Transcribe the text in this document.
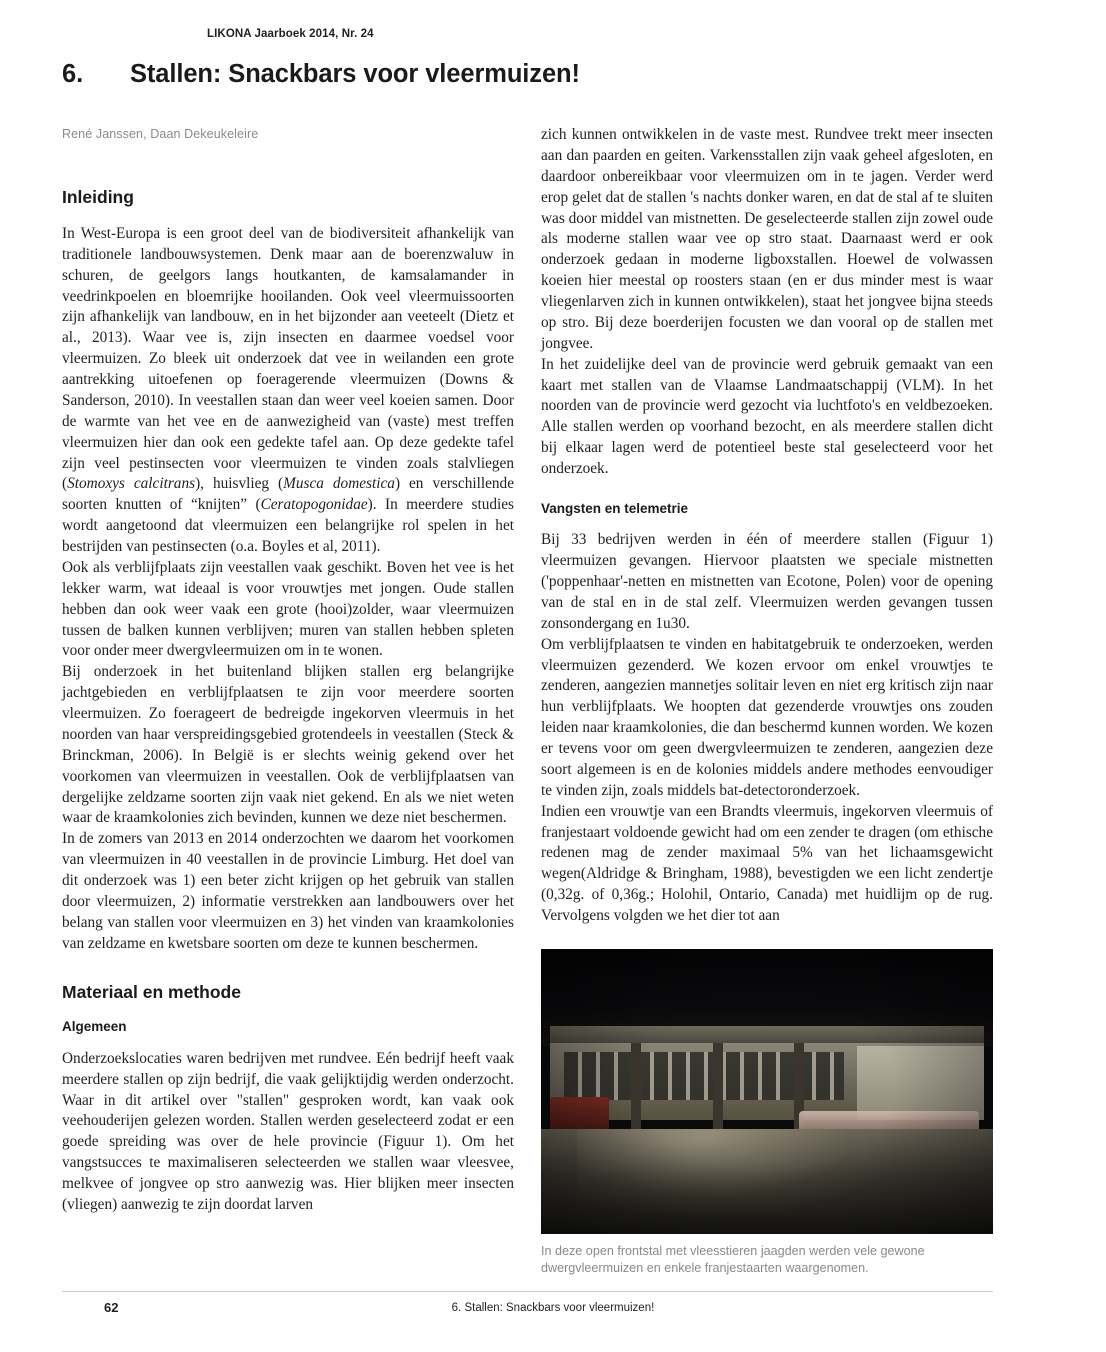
LIKONA Jaarboek 2014, Nr. 24
6. Stallen: Snackbars voor vleermuizen!
René Janssen, Daan Dekeukeleire
Inleiding

In West-Europa is een groot deel van de biodiversiteit afhankelijk van traditionele landbouwsystemen. Denk maar aan de boerenzwaluw in schuren, de geelgors langs houtkanten, de kamsalamander in veedrinkpoelen en bloemrijke hooilanden. Ook veel vleermuissoorten zijn afhankelijk van landbouw, en in het bijzonder aan veeteelt (Dietz et al., 2013). Waar vee is, zijn insecten en daarmee voedsel voor vleermuizen. Zo bleek uit onderzoek dat vee in weilanden een grote aantrekking uitoefenen op foeragerende vleermuizen (Downs & Sanderson, 2010). In veestallen staan dan weer veel koeien samen. Door de warmte van het vee en de aanwezigheid van (vaste) mest treffen vleermuizen hier dan ook een gedekte tafel aan. Op deze gedekte tafel zijn veel pestinsecten voor vleermuizen te vinden zoals stalvliegen (Stomoxys calcitrans), huisvlieg (Musca domestica) en verschillende soorten knutten of “knijten” (Ceratopogonidae). In meerdere studies wordt aangetoond dat vleermuizen een belangrijke rol spelen in het bestrijden van pestinsecten (o.a. Boyles et al, 2011).

Ook als verblijfplaats zijn veestallen vaak geschikt. Boven het vee is het lekker warm, wat ideaal is voor vrouwtjes met jongen. Oude stallen hebben dan ook weer vaak een grote (hooi)zolder, waar vleermuizen tussen de balken kunnen verblijven; muren van stallen hebben spleten voor onder meer dwergvleermuizen om in te wonen.

Bij onderzoek in het buitenland blijken stallen erg belangrijke jachtgebieden en verblijfplaatsen te zijn voor meerdere soorten vleermuizen. Zo foerageert de bedreigde ingekorven vleermuis in het noorden van haar verspreidingsgebied grotendeels in veestallen (Steck & Brinckman, 2006). In België is er slechts weinig gekend over het voorkomen van vleermuizen in veestallen. Ook de verblijfplaatsen van dergelijke zeldzame soorten zijn vaak niet gekend. En als we niet weten waar de kraamkolonies zich bevinden, kunnen we deze niet beschermen.

In de zomers van 2013 en 2014 onderzochten we daarom het voorkomen van vleermuizen in 40 veestallen in de provincie Limburg. Het doel van dit onderzoek was 1) een beter zicht krijgen op het gebruik van stallen door vleermuizen, 2) informatie verstrekken aan landbouwers over het belang van stallen voor vleermuizen en 3) het vinden van kraamkolonies van zeldzame en kwetsbare soorten om deze te kunnen beschermen.

Materiaal en methode
Algemeen

Onderzoekslocaties waren bedrijven met rundvee. Eén bedrijf heeft vaak meerdere stallen op zijn bedrijf, die vaak gelijktijdig werden onderzocht. Waar in dit artikel over "stallen" gesproken wordt, kan vaak ook veehouderijen gelezen worden. Stallen werden geselecteerd zodat er een goede spreiding was over de hele provincie (Figuur 1). Om het vangstsucces te maximaliseren selecteerden we stallen waar vleesvee, melkvee of jongvee op stro aanwezig was. Hier blijken meer insecten (vliegen) aanwezig te zijn doordat larven

zich kunnen ontwikkelen in de vaste mest. Rundvee trekt meer insecten aan dan paarden en geiten. Varkensstallen zijn vaak geheel afgesloten, en daardoor onbereikbaar voor vleermuizen om in te jagen. Verder werd erop gelet dat de stallen 's nachts donker waren, en dat de stal af te sluiten was door middel van mistnetten. De geselecteerde stallen zijn zowel oude als moderne stallen waar vee op stro staat. Daarnaast werd er ook onderzoek gedaan in moderne ligboxstallen. Hoewel de volwassen koeien hier meestal op roosters staan (en er dus minder mest is waar vliegenlarven zich in kunnen ontwikkelen), staat het jongvee bijna steeds op stro. Bij deze boerderijen focusten we dan vooral op de stallen met jongvee.

In het zuidelijke deel van de provincie werd gebruik gemaakt van een kaart met stallen van de Vlaamse Landmaatschappij (VLM). In het noorden van de provincie werd gezocht via luchtfoto's en veldbezoeken. Alle stallen werden op voorhand bezocht, en als meerdere stallen dicht bij elkaar lagen werd de potentieel beste stal geselecteerd voor het onderzoek.

Vangsten en telemetrie

Bij 33 bedrijven werden in één of meerdere stallen (Figuur 1) vleermuizen gevangen. Hiervoor plaatsten we speciale mistnetten ('poppenhaar'-netten en mistnetten van Ecotone, Polen) voor de opening van de stal en in de stal zelf. Vleermuizen werden gevangen tussen zonsondergang en 1u30.

Om verblijfplaatsen te vinden en habitatgebruik te onderzoeken, werden vleermuizen gezenderd. We kozen ervoor om enkel vrouwtjes te zenderen, aangezien mannetjes solitair leven en niet erg kritisch zijn naar hun verblijfplaats. We hoopten dat gezenderde vrouwtjes ons zouden leiden naar kraamkolonies, die dan beschermd kunnen worden. We kozen er tevens voor om geen dwergvleermuizen te zenderen, aangezien deze soort algemeen is en de kolonies middels andere methodes eenvoudiger te vinden zijn, zoals middels bat-detectoronderzoek.

Indien een vrouwtje van een Brandts vleermuis, ingekorven vleermuis of franjestaart voldoende gewicht had om een zender te dragen (om ethische redenen mag de zender maximaal 5% van het lichaamsgewicht wegen(Aldridge & Bringham, 1988), bevestigden we een licht zendertje (0,32g. of 0,36g.; Holohil, Ontario, Canada) met huidlijm op de rug. Vervolgens volgden we het dier tot aan

In deze open frontstal met vleesstieren jaagden werden vele gewone dwergvleermuizen en enkele franjestaarten waargenomen.
62	6. Stallen: Snackbars voor vleermuizen!
